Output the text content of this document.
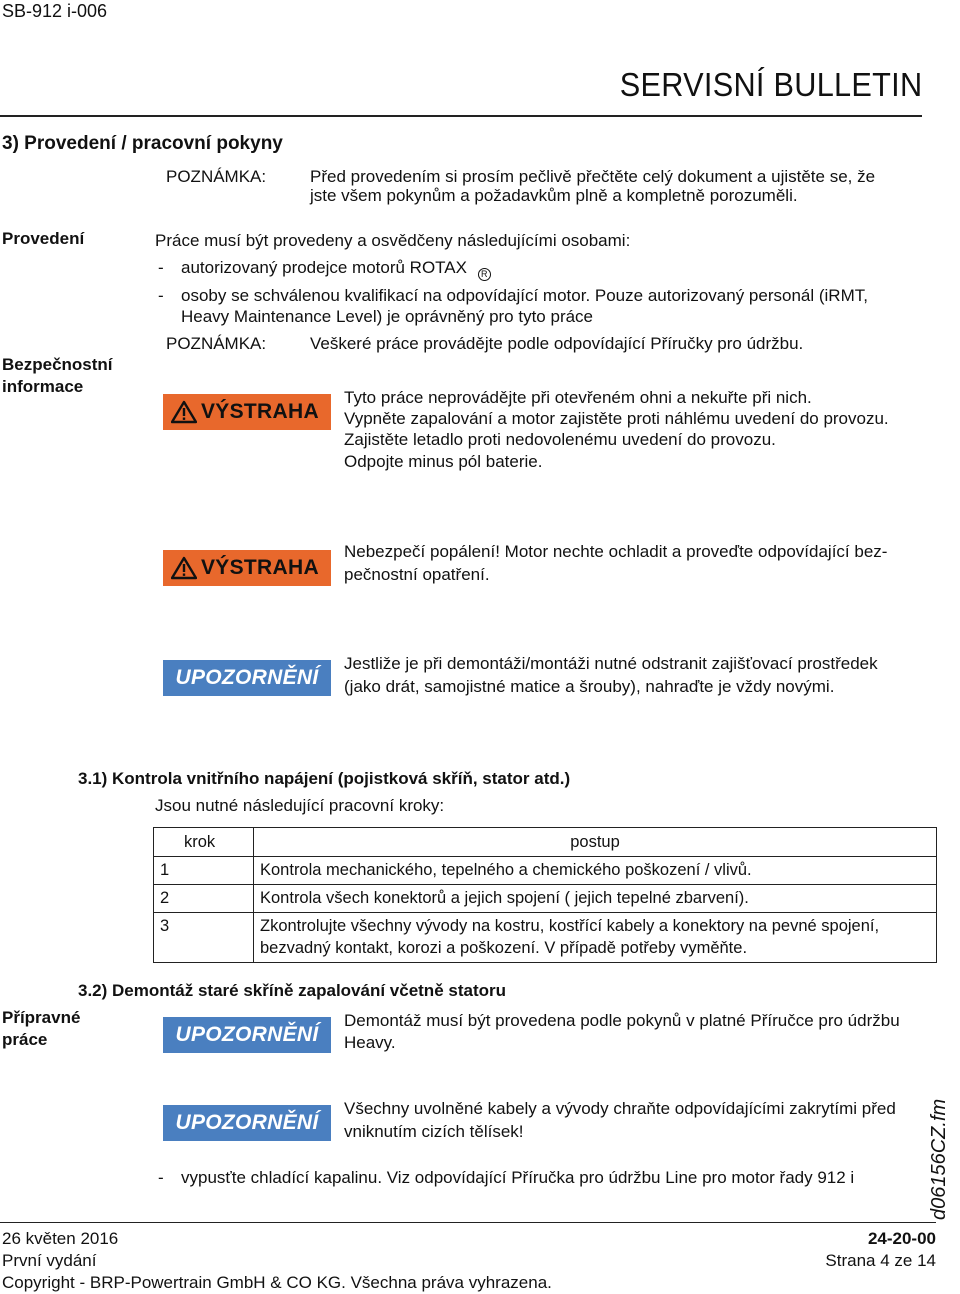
SB-912 i-006
SERVISNÍ BULLETIN
3) Provedení / pracovní pokyny
POZNÁMKA:	Před provedením si prosím pečlivě přečtěte celý dokument a ujistěte se, že
jste všem pokynům a požadavkům plně a kompletně porozuměli.
Provedení
Bezpečnostní
informace
Práce musí být provedeny a osvědčeny následujícími osobami:
- autorizovaný prodejce motorů ROTAX R
- osoby se schválenou kvalifikací na odpovídající motor. Pouze autorizovaný personál (iRMT,
Heavy Maintenance Level) je oprávněný pro tyto práce
POZNÁMKA:	Veškeré práce provádějte podle odpovídající Příručky pro údržbu.
VÝSTRAHA
Tyto práce neprovádějte při otevřeném ohni a nekuřte při nich.
Vypněte zapalování a motor zajistěte proti náhlému uvedení do provozu.
Zajistěte letadlo proti nedovolenému uvedení do provozu.
Odpojte minus pól baterie.
VÝSTRAHA
Nebezpečí popálení! Motor nechte ochladit a proveďte odpovídající bez-
pečnostní opatření.
UPOZORNĚNÍ
Jestliže je při demontáži/montáži nutné odstranit zajišťovací prostředek
(jako drát, samojistné matice a šrouby), nahraďte je vždy novými.
3.1) Kontrola vnitřního napájení (pojistková skříň, stator atd.)
Jsou nutné následující pracovní kroky:
krok	postup
1	Kontrola mechanického, tepelného a chemického poškození / vlivů.

2	Kontrola všech konektorů a jejich spojení ( jejich tepelné zbarvení).

3	Zkontrolujte všechny vývody na kostru, kostřící kabely a konektory na pevné spojení,
bezvadný kontakt, korozi a poškození. V případě potřeby vyměňte.
3.2) Demontáž staré skříně zapalování včetně statoru
Přípravné
práce	UPOZORNĚNÍ
Demontáž musí být provedena podle pokynů v platné Příručce pro údržbu
Heavy.
UPOZORNĚNÍ
Všechny uvolněné kabely a vývody chraňte odpovídajícími zakrytími před
vniknutím cizích tělísek!
- vypusťte chladící kapalinu. Viz odpovídající Příručka pro údržbu Line pro motor řady 912 i	d06156CZ.fm
26 květen 2016
První vydání
Copyright - BRP-Powertrain GmbH & CO KG. Všechna práva vyhrazena.
24-20-00
Strana 4 ze 14
